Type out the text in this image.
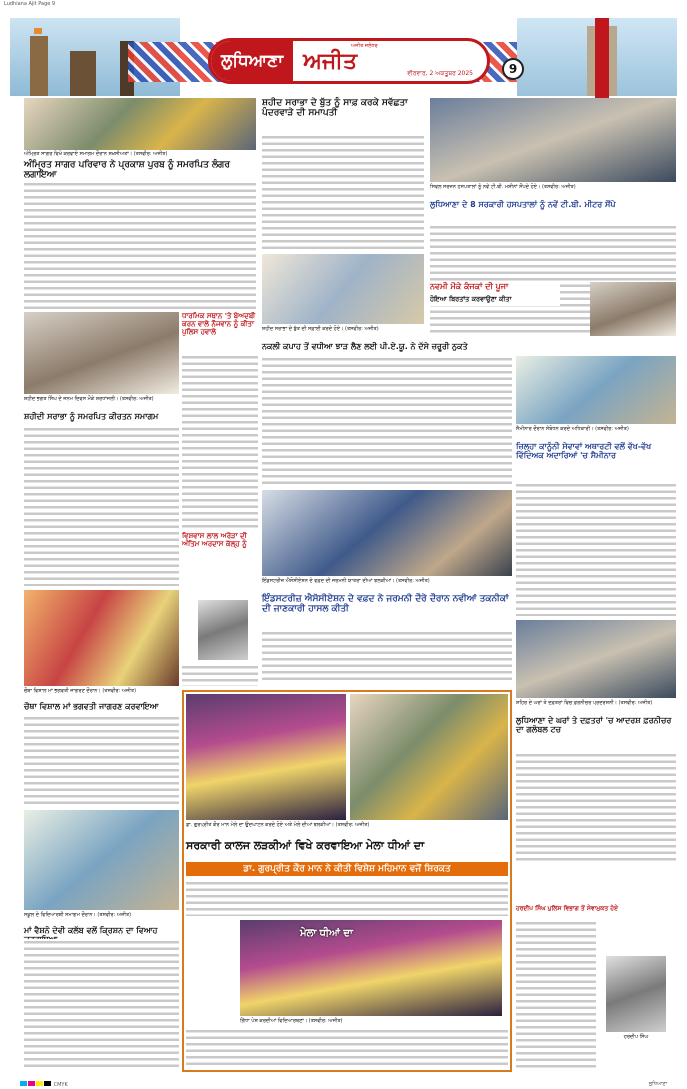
Ludhiana Ajit Page 9
ਲੁਧਿਆਣਾ ਅਜੀਤ
ਅਜੀਤ ਜਲੰਧਰ
ਵੀਰਵਾਰ, 2 ਅਕਤੂਬਰ 2025	9
ਅੰਮ੍ਰਿਤ ਸਾਗਰ ਵਿਖੇ ਕਰਵਾਏ ਸਮਾਗਮ ਦੌਰਾਨ ਸ਼ਖ਼ਸੀਅਤਾਂ। (ਤਸਵੀਰ: ਅਜੀਤ)
ਅੰਮ੍ਰਿਤ ਸਾਗਰ ਪਰਿਵਾਰ ਨੇ ਪ੍ਰਕਾਸ਼ ਪੁਰਬ ਨੂੰ ਸਮਰਪਿਤ ਲੰਗਰ ਲਗਾਇਆ
ਸ਼ਹੀਦ ਭਗਤ ਸਿੰਘ ਦੇ ਜਨਮ ਦਿਵਸ ਮੌਕੇ ਸ਼ਰਧਾਂਜਲੀ। (ਤਸਵੀਰ: ਅਜੀਤ)
ਸ਼ਹੀਦੀ ਸਰਾਭਾ ਨੂੰ ਸਮਰਪਿਤ ਕੀਰਤਨ ਸਮਾਗਮ
ਚੌਥਾ ਵਿਸ਼ਾਲ ਮਾਂ ਭਗਵਤੀ ਜਾਗਰਣ ਦੌਰਾਨ। (ਤਸਵੀਰ: ਅਜੀਤ)
ਚੌਥਾ ਵਿਸ਼ਾਲ ਮਾਂ ਭਗਵਤੀ ਜਾਗਰਣ ਕਰਵਾਇਆ
ਸਕੂਲ ਦੇ ਵਿਦਿਆਰਥੀ ਸਮਾਗਮ ਦੌਰਾਨ। (ਤਸਵੀਰ: ਅਜੀਤ)
ਮਾਂ ਵੈਸ਼ਨੋ ਦੇਵੀ ਕਲੱਬ ਵਲੋਂ ਕ੍ਰਿਸ਼ਨ ਦਾ ਵਿਆਹ
ਸ਼ਹੀਦ ਸਰਾਭਾ ਦੇ ਬੁੱਤ ਨੂੰ ਸਾਫ਼ ਕਰਕੇ ਸਵੱਛਤਾ ਪੰਦਰਵਾੜੇ ਦੀ ਸਮਾਪਤੀ
ਸ਼ਹੀਦ ਸਰਾਭਾ ਦੇ ਬੁੱਤ ਦੀ ਸਫ਼ਾਈ ਕਰਦੇ ਹੋਏ। (ਤਸਵੀਰ: ਅਜੀਤ)
ਧਾਰਮਿਕ ਸਥਾਨ 'ਤੇ ਬੇਅਦਬੀ ਕਰਨ ਵਾਲੇ ਨੌਜਵਾਨ ਨੂੰ ਕੀਤਾ ਪੁਲਿਸ ਹਵਾਲੇ
ਨਕਲੀ ਕਪਾਹ ਤੋਂ ਵਧੀਆ ਝਾੜ ਲੈਣ ਲਈ ਪੀ.ਏ.ਯੂ. ਨੇ ਦੱਸੇ ਜ਼ਰੂਰੀ ਨੁਕਤੇ
ਇੰਡਸਟਰੀਜ਼ ਐਸੋਸੀਏਸ਼ਨ ਦੇ ਵਫ਼ਦ ਦੀ ਜਰਮਨੀ ਯਾਤਰਾ ਦੀਆਂ ਝਲਕੀਆਂ। (ਤਸਵੀਰ: ਅਜੀਤ)
ਇੰਡਸਟਰੀਜ਼ ਐਸੋਸੀਏਸ਼ਨ ਦੇ ਵਫ਼ਦ ਨੇ ਜਰਮਨੀ ਦੌਰੇ ਦੌਰਾਨ ਨਵੀਆਂ ਤਕਨੀਕਾਂ ਦੀ ਜਾਣਕਾਰੀ ਹਾਸਲ ਕੀਤੀ
ਵਿਸ਼ਵਾਸ ਲਾਲ ਅਰੋੜਾ ਦੀ ਅੰਤਿਮ ਅਰਦਾਸ ਕੱਲ੍ਹ ਨੂੰ
ਸਿਵਲ ਸਰਜਨ ਹਸਪਤਾਲਾਂ ਨੂੰ ਨਵੇਂ ਟੀ.ਬੀ. ਮਸ਼ੀਨਾਂ ਸੌਂਪਦੇ ਹੋਏ। (ਤਸਵੀਰ: ਅਜੀਤ)
ਲੁਧਿਆਣਾ ਦੇ 8 ਸਰਕਾਰੀ ਹਸਪਤਾਲਾਂ ਨੂੰ ਨਵੇਂ ਟੀ.ਬੀ. ਮੀਟਰ ਸੌਂਪੇ
ਨਵਮੀ ਮੌਕੇ ਕੰਜਕਾਂ ਦੀ ਪੂਜਾ
ਹੋਇਆ ਬਿਰਤਾਂਤ ਕਰਵਾਉਣਾ ਕੀਤਾ
ਸੈਮੀਨਾਰ ਦੌਰਾਨ ਸੰਬੋਧਨ ਕਰਦੇ ਅਧਿਕਾਰੀ। (ਤਸਵੀਰ: ਅਜੀਤ)
ਜ਼ਿਲ੍ਹਾ ਕਾਨੂੰਨੀ ਸੇਵਾਵਾਂ ਅਥਾਰਟੀ ਵਲੋਂ ਵੱਖ-ਵੱਖ ਵਿੱਦਿਅਕ ਅਦਾਰਿਆਂ 'ਚ ਸੈਮੀਨਾਰ
ਸ਼ਹਿਰ ਦੇ ਘਰਾਂ ਤੇ ਦਫ਼ਤਰਾਂ ਵਿਚ ਫ਼ਰਨੀਚਰ ਪ੍ਰਦਰਸ਼ਨੀ। (ਤਸਵੀਰ: ਅਜੀਤ)
ਲੁਧਿਆਣਾ ਦੇ ਘਰਾਂ ਤੇ ਦਫ਼ਤਰਾਂ 'ਚ ਆਦਰਸ਼ ਫ਼ਰਨੀਚਰ ਦਾ ਗਲੋਬਲ ਟਚ
ਡਾ. ਗੁਰਪ੍ਰੀਤ ਕੌਰ ਮਾਨ ਮੇਲੇ ਦਾ ਉਦਘਾਟਨ ਕਰਦੇ ਹੋਏ ਅਤੇ ਮੇਲੇ ਦੀਆਂ ਝਲਕੀਆਂ। (ਤਸਵੀਰ: ਅਜੀਤ)
ਸਰਕਾਰੀ ਕਾਲਜ ਲੜਕੀਆਂ ਵਿਖੇ ਕਰਵਾਇਆ ਮੇਲਾ ਧੀਆਂ ਦਾ
ਡਾ. ਗੁਰਪ੍ਰੀਤ ਕੌਰ ਮਾਨ ਨੇ ਕੀਤੀ ਵਿਸ਼ੇਸ਼ ਮਹਿਮਾਨ ਵਜੋਂ ਸ਼ਿਰਕਤ
ਮੇਲਾ ਧੀਆਂ ਦਾ
ਗਿੱਧਾ ਪੇਸ਼ ਕਰਦੀਆਂ ਵਿਦਿਆਰਥਣਾਂ। (ਤਸਵੀਰ: ਅਜੀਤ)
ਹਰਦੀਪ ਸਿੰਘ ਪੁਲਿਸ ਵਿਭਾਗ ਤੋਂ ਸੇਵਾਮੁਕਤ ਹੋਏ
ਹਰਦੀਪ ਸਿੰਘ
CMYK	ਲੁਧਿਆਣਾ
